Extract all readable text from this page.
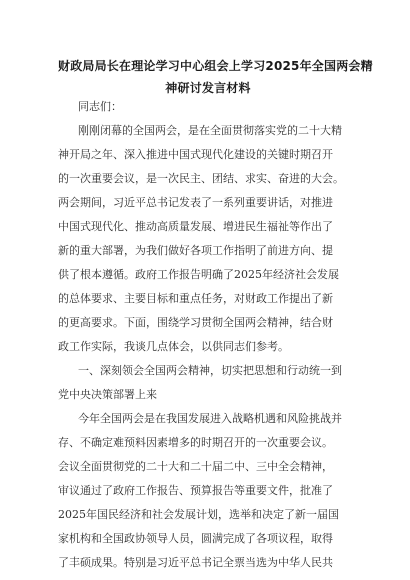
财政局局长在理论学习中心组会上学习2025年全国两会精
神研讨发言材料
同志们：
刚刚闭幕的全国两会，是在全面贯彻落实党的二十大精
神开局之年、深入推进中国式现代化建设的关键时期召开
的一次重要会议，是一次民主、团结、求实、奋进的大会。
两会期间，习近平总书记发表了一系列重要讲话，对推进
中国式现代化、推动高质量发展、增进民生福祉等作出了
新的重大部署，为我们做好各项工作指明了前进方向、提
供了根本遵循。政府工作报告明确了2025年经济社会发展
的总体要求、主要目标和重点任务，对财政工作提出了新
的更高要求。下面，围绕学习贯彻全国两会精神，结合财
政工作实际，我谈几点体会，以供同志们参考。
一、深刻领会全国两会精神，切实把思想和行动统一到
党中央决策部署上来
今年全国两会是在我国发展进入战略机遇和风险挑战并
存、不确定难预料因素增多的时期召开的一次重要会议。
会议全面贯彻党的二十大和二十届二中、三中全会精神，
审议通过了政府工作报告、预算报告等重要文件，批准了
2025年国民经济和社会发展计划，选举和决定了新一届国
家机构和全国政协领导人员，圆满完成了各项议程，取得
了丰硕成果。特别是习近平总书记全票当选为中华人民共
